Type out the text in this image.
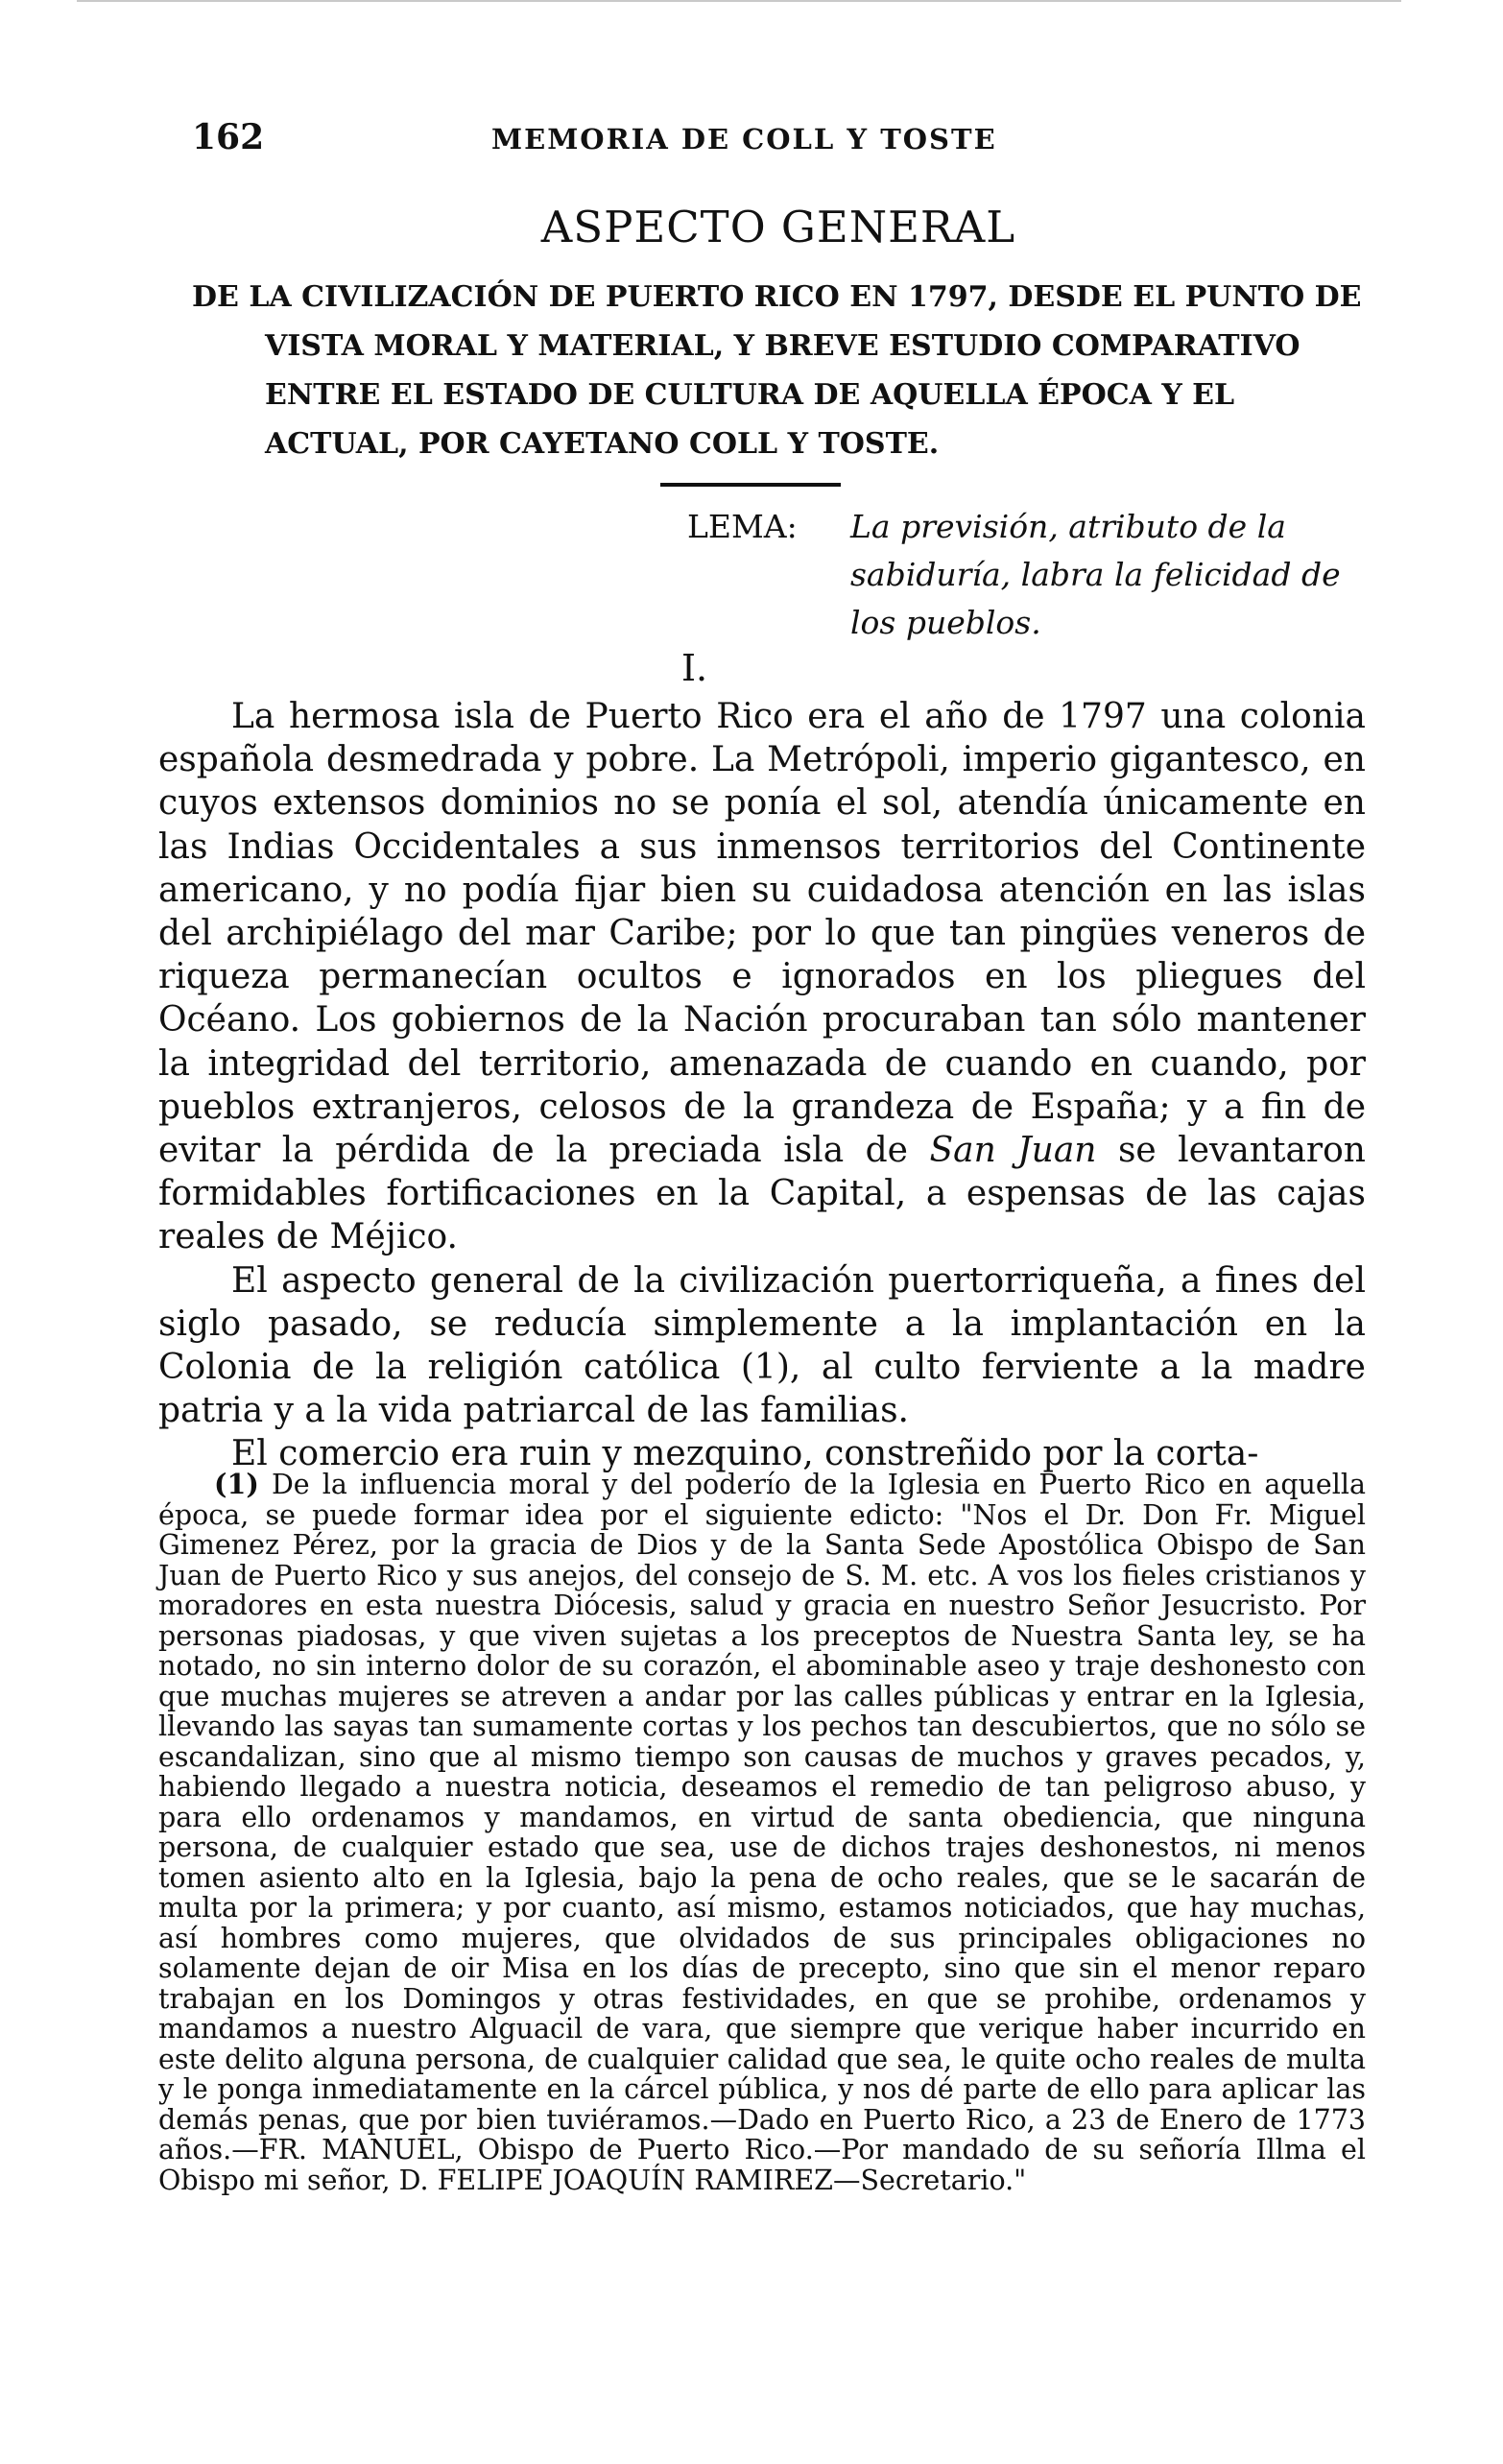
162	MEMORIA DE COLL Y TOSTE
ASPECTO GENERAL
DE LA CIVILIZACIÓN DE PUERTO RICO EN 1797, DESDE EL PUNTO DE
VISTA MORAL Y MATERIAL, Y BREVE ESTUDIO COMPARATIVO
ENTRE EL ESTADO DE CULTURA DE AQUELLA ÉPOCA Y EL
ACTUAL, POR CAYETANO COLL Y TOSTE.
LEMA: La previsión, atributo de la sabiduría, labra la felicidad de los pueblos.
I.

La hermosa isla de Puerto Rico era el año de 1797 una colonia española desmedrada y pobre. La Metrópoli, imperio gigantesco, en cuyos extensos dominios no se ponía el sol, atendía únicamente en las Indias Occidentales a sus inmensos territorios del Continente americano, y no podía fijar bien su cuidadosa atención en las islas del archipiélago del mar Caribe; por lo que tan pingües veneros de riqueza permanecían ocultos e ignorados en los pliegues del Océano. Los gobiernos de la Nación procuraban tan sólo mantener la integridad del territorio, amenazada de cuando en cuando, por pueblos extranjeros, celosos de la grandeza de España; y a fin de evitar la pérdida de la preciada isla de San Juan se levantaron formidables fortificaciones en la Capital, a espensas de las cajas reales de Méjico.

El aspecto general de la civilización puertorriqueña, a fines del siglo pasado, se reducía simplemente a la implantación en la Colonia de la religión católica (1), al culto ferviente a la madre patria y a la vida patriarcal de las familias.

El comercio era ruin y mezquino, constreñido por la corta-

(1) De la influencia moral y del poderío de la Iglesia en Puerto Rico en aquella época, se puede formar idea por el siguiente edicto: "Nos el Dr. Don Fr. Miguel Gimenez Pérez, por la gracia de Dios y de la Santa Sede Apostólica Obispo de San Juan de Puerto Rico y sus anejos, del consejo de S. M. etc. A vos los fieles cristianos y moradores en esta nuestra Diócesis, salud y gracia en nuestro Señor Jesucristo. Por personas piadosas, y que viven sujetas a los preceptos de Nuestra Santa ley, se ha notado, no sin interno dolor de su corazón, el abominable aseo y traje deshonesto con que muchas mujeres se atreven a andar por las calles públicas y entrar en la Iglesia, llevando las sayas tan sumamente cortas y los pechos tan descubiertos, que no sólo se escandalizan, sino que al mismo tiempo son causas de muchos y graves pecados, y, habiendo llegado a nuestra noticia, deseamos el remedio de tan peligroso abuso, y para ello ordenamos y mandamos, en virtud de santa obediencia, que ninguna persona, de cualquier estado que sea, use de dichos trajes deshonestos, ni menos tomen asiento alto en la Iglesia, bajo la pena de ocho reales, que se le sacarán de multa por la primera; y por cuanto, así mismo, estamos noticiados, que hay muchas, así hombres como mujeres, que olvidados de sus principales obligaciones no solamente dejan de oir Misa en los días de precepto, sino que sin el menor reparo trabajan en los Domingos y otras festividades, en que se prohibe, ordenamos y mandamos a nuestro Alguacil de vara, que siempre que verique haber incurrido en este delito alguna persona, de cualquier calidad que sea, le quite ocho reales de multa y le ponga inmediatamente en la cárcel pública, y nos dé parte de ello para aplicar las demás penas, que por bien tuviéramos.—Dado en Puerto Rico, a 23 de Enero de 1773 años.—FR. MANUEL, Obispo de Puerto Rico.—Por mandado de su señoría Illma el Obispo mi señor, D. FELIPE JOAQUÍN RAMIREZ—Secretario."
